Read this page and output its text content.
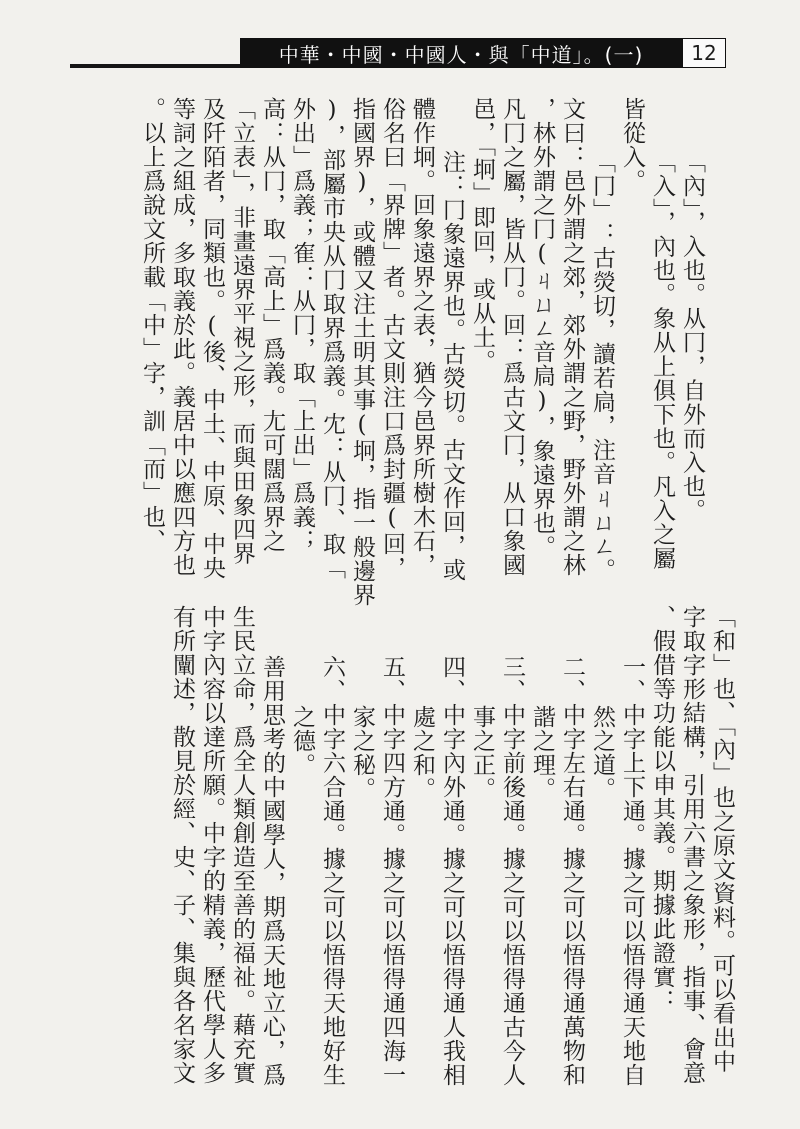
中華・中國・中國人・與「中道」。(一)	12
「內」，入也。从冂，自外而入也。
「入」，內也。象从上俱下也。凡入之屬
皆從入。
「冂」：古熒切，讀若扃，注音ㄐㄩㄥ。
文曰：邑外謂之郊，郊外謂之野，野外謂之林
，林外謂之冂(ㄐㄩㄥ音扃)，象遠界也。
凡冂之屬，皆从冂。回：爲古文冂，从口象國
邑，「坰」即回，或从土。
注：冂象遠界也。古熒切。古文作回，或
體作坰。回象遠界之表，猶今邑界所樹木石，
俗名曰「界牌」者。古文則注口爲封疆(回，
指國界)，或體又注土明其事(坰，指一般邊界
)，部屬市央从冂取界爲義。冘：从冂、取「
外出」爲義；隺：从冂，取「上出」爲義；
高：从冂，取「高上」爲義。尢可闊爲界之
「立表」，非畫遠界平視之形，而與田象四界
及阡陌者，同類也。(後、中土、中原、中央
等詞之組成，多取義於此。義居中以應四方也
。以上爲說文所載「中」字，訓「而」也、
「和」也、「內」也之原文資料。可以看出中
字取字形結構，引用六書之象形，指事、會意
、假借等功能以申其義。期據此證實：
一、中字上下通。據之可以悟得通天地自
然之道。
二、中字左右通。據之可以悟得通萬物和
諧之理。
三、中字前後通。據之可以悟得通古今人
事之正。
四、中字內外通。據之可以悟得通人我相
處之和。
五、中字四方通。據之可以悟得通四海一
家之秘。
六、中字六合通。據之可以悟得天地好生
之德。
善用思考的中國學人，期爲天地立心，爲
生民立命，爲全人類創造至善的福祉。藉充實
中字內容以達所願。中字的精義，歷代學人多
有所闡述，散見於經、史、子、集與各名家文
